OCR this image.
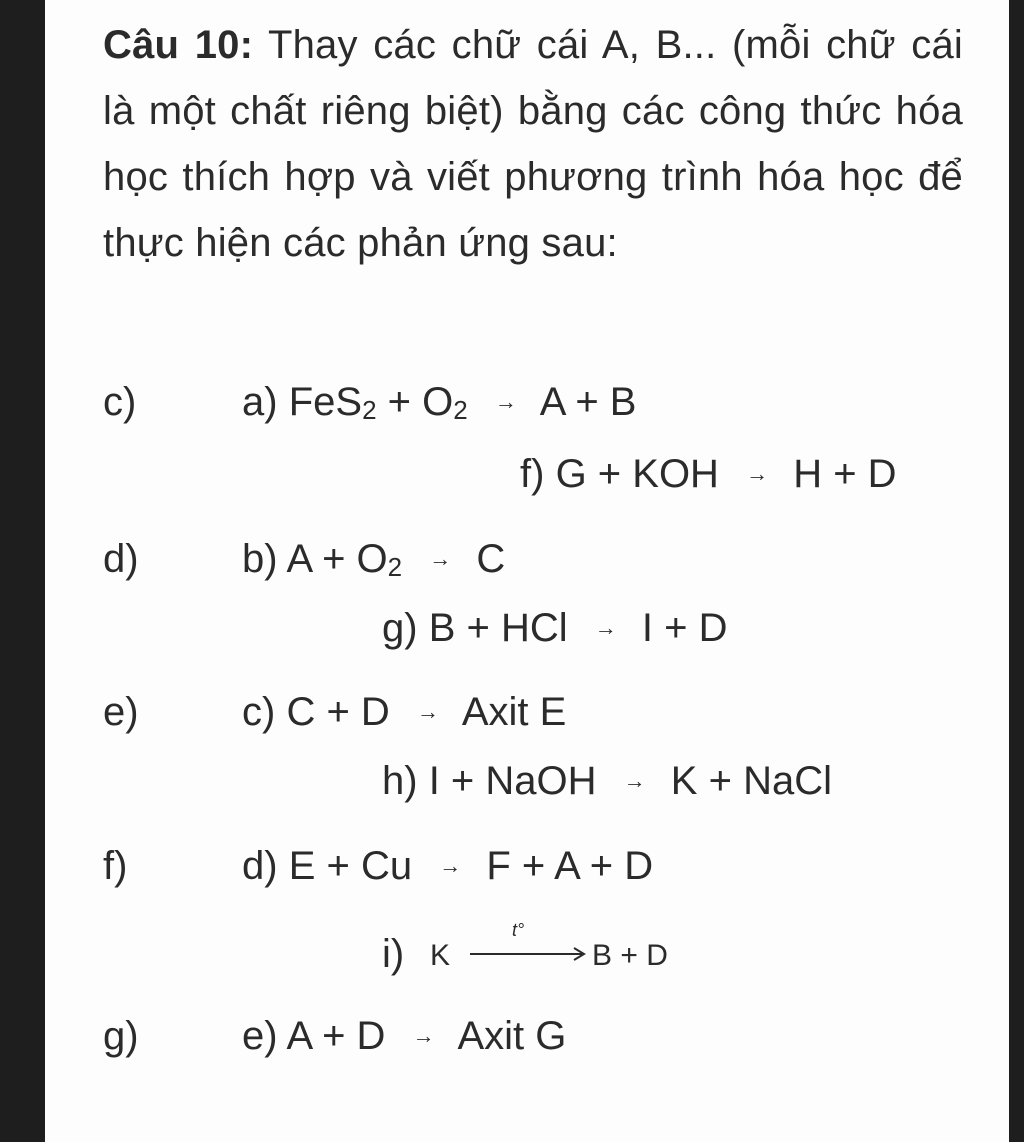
Câu 10: Thay các chữ cái A, B... (mỗi chữ cái là một chất riêng biệt) bằng các công thức hóa học thích hợp và viết phương trình hóa học để thực hiện các phản ứng sau:
c)
d)
e)
f)
g)
a) $FeS_2 + O_2 \to A + B$
f) G + KOH → H + D
b) $A + O_2 \to C$
g) B + HCl → I + D
c) C + D → Axit E
h) I + NaOH → K + NaCl
d) E + Cu → F + A + D
i) K
t°
B + D
e) A + D → Axit G
